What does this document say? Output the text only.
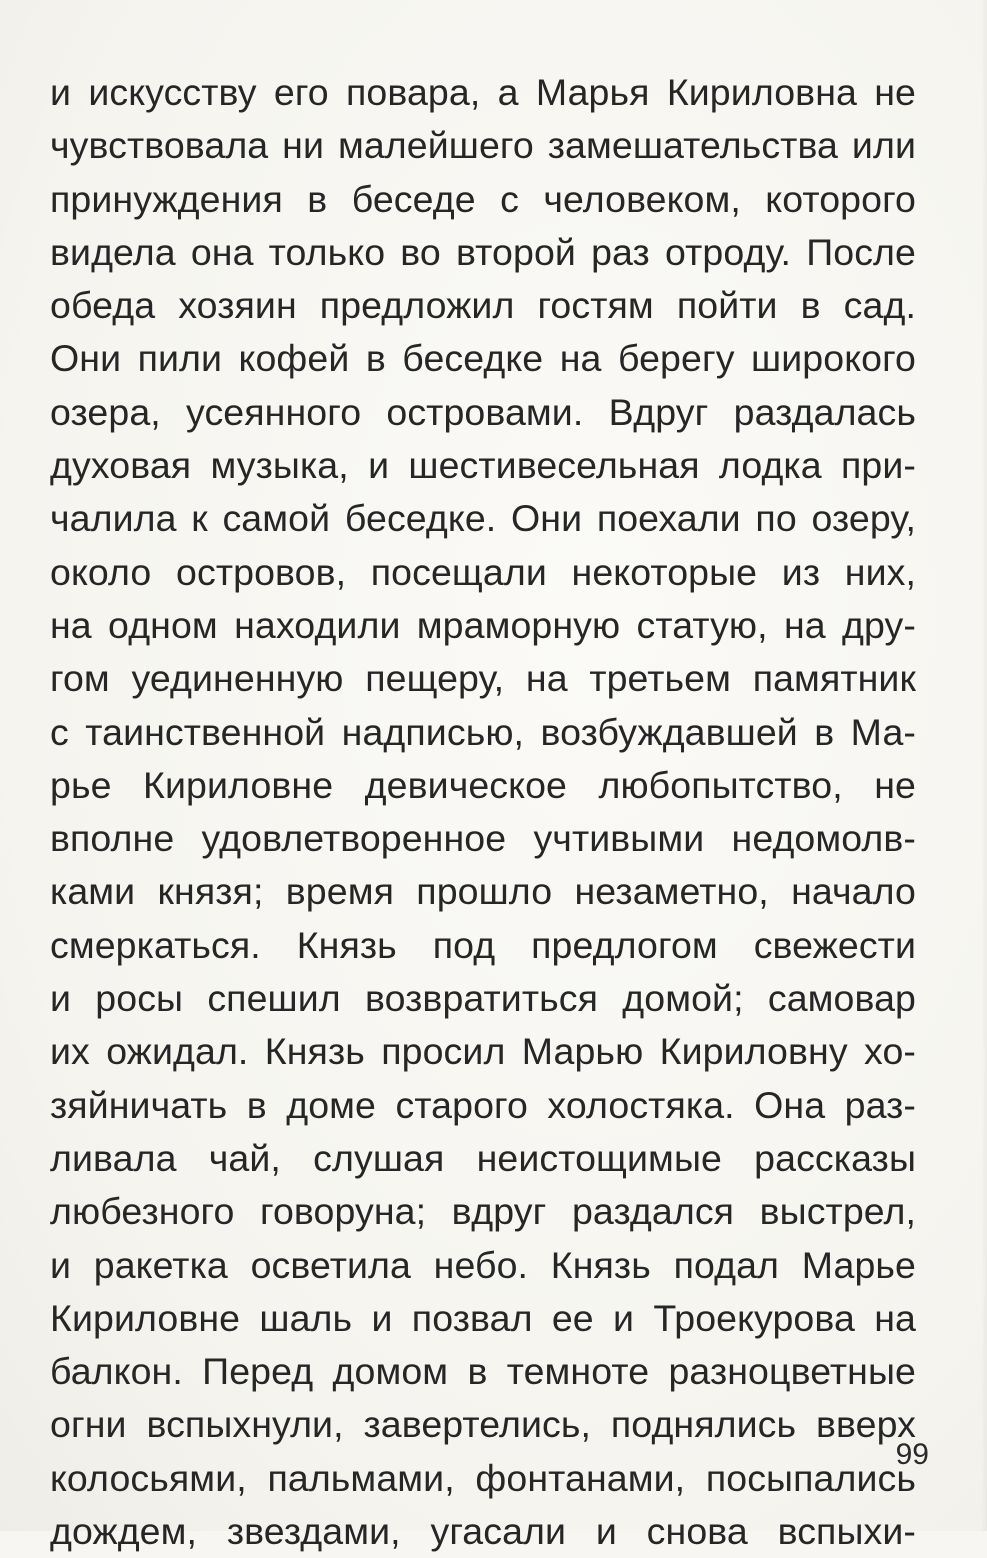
и искусству его повара, а Марья Кириловна не
чувствовала ни малейшего замешательства или
принуждения в беседе с человеком, которого
видела она только во второй раз отроду. После
обеда хозяин предложил гостям пойти в сад.
Они пили кофей в беседке на берегу широкого
озера, усеянного островами. Вдруг раздалась
духовая музыка, и шестивесельная лодка при-
чалила к самой беседке. Они поехали по озеру,
около островов, посещали некоторые из них,
на одном находили мраморную статую, на дру-
гом уединенную пещеру, на третьем памятник
с таинственной надписью, возбуждавшей в Ма-
рье Кириловне девическое любопытство, не
вполне удовлетворенное учтивыми недомолв-
ками князя; время прошло незаметно, начало
смеркаться. Князь под предлогом свежести
и росы спешил возвратиться домой; самовар
их ожидал. Князь просил Марью Кириловну хо-
зяйничать в доме старого холостяка. Она раз-
ливала чай, слушая неистощимые рассказы
любезного говоруна; вдруг раздался выстрел,
и ракетка осветила небо. Князь подал Марье
Кириловне шаль и позвал ее и Троекурова на
балкон. Перед домом в темноте разноцветные
огни вспыхнули, завертелись, поднялись вверх
колосьями, пальмами, фонтанами, посыпались
дождем, звездами, угасали и снова вспыхи-
99
